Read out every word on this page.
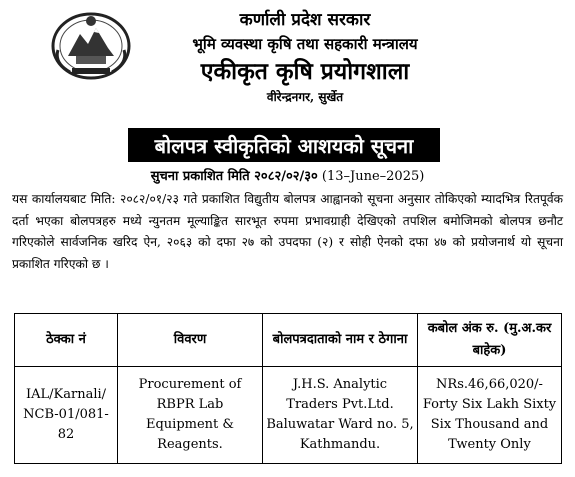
कर्णाली प्रदेश सरकार
भूमि व्यवस्था कृषि तथा सहकारी मन्त्रालय
एकीकृत कृषि प्रयोगशाला
वीरेन्द्रनगर, सुर्खेत
बोलपत्र स्वीकृतिको आशयको सूचना
सुचना प्रकाशित मिति २०८२/०२/३० (13–June–2025)
यस कार्यालयबाट मिति: २०८२/०१/२३ गते प्रकाशित विद्युतीय बोलपत्र आह्वानको सूचना अनुसार तोकिएको म्यादभित्र रितपूर्वक दर्ता भएका बोलपत्रहरु मध्ये न्युनतम मूल्याङ्कित सारभूत रुपमा प्रभावग्राही देखिएको तपशिल बमोजिमको बोलपत्र छनौट गरिएकोले सार्वजनिक खरिद ऐन, २०६३ को दफा २७ को उपदफा (२) र सोही ऐनको दफा ४७ को प्रयोजनार्थ यो सूचना प्रकाशित गरिएको छ ।
ठेक्का नं	विवरण	बोलपत्रदाताको नाम र ठेगाना	कबोल अंक रु. (मु.अ.कर बाहेक)
IAL/Karnali/ NCB-01/081-82	Procurement of RBPR Lab Equipment & Reagents.	J.H.S. Analytic Traders Pvt.Ltd. Baluwatar Ward no. 5, Kathmandu.	NRs.46,66,020/-Forty Six Lakh Sixty Six Thousand and Twenty Only
